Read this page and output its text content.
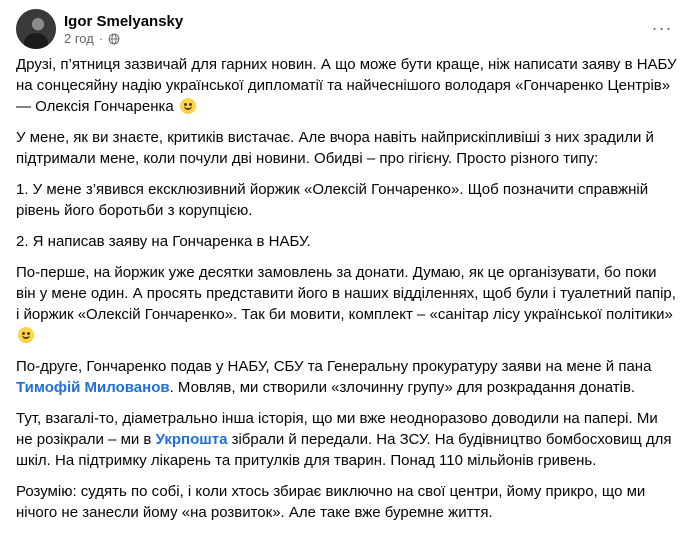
Igor Smelyansky
2 год ·
···

Друзі, п’ятниця зазвичай для гарних новин. А що може бути краще, ніж написати заяву в НАБУ на сонцесяйну надію української дипломатії та найчеснішого володаря «Гончаренко Центрів» — Олексія Гончаренка

У мене, як ви знаєте, критиків вистачає. Але вчора навіть найприскіпливіші з них зрадили й підтримали мене, коли почули дві новини. Обидві – про гігієну. Просто різного типу:

1. У мене з’явився ексклюзивний йоржик «Олексій Гончаренко». Щоб позначити справжній рівень його боротьби з корупцією.

2. Я написав заяву на Гончаренка в НАБУ.

По-перше, на йоржик уже десятки замовлень за донати. Думаю, як це організувати, бо поки він у мене один. А просять представити його в наших відділеннях, щоб були і туалетний папір, і йоржик «Олексій Гончаренко». Так би мовити, комплект – «санітар лісу української політики»

По-друге, Гончаренко подав у НАБУ, СБУ та Генеральну прокуратуру заяви на мене й пана Тимофій Милованов. Мовляв, ми створили «злочинну групу» для розкрадання донатів.

Тут, взагалі-то, діаметрально інша історія, що ми вже неодноразово доводили на папері. Ми не розікрали – ми в Укрпошта зібрали й передали. На ЗСУ. На будівництво бомбосховищ для шкіл. На підтримку лікарень та притулків для тварин. Понад 110 мільйонів гривень.

Розумію: судять по собі, і коли хтось збирає виключно на свої центри, йому прикро, що ми нічого не занесли йому «на розвиток». Але таке вже буремне життя.
